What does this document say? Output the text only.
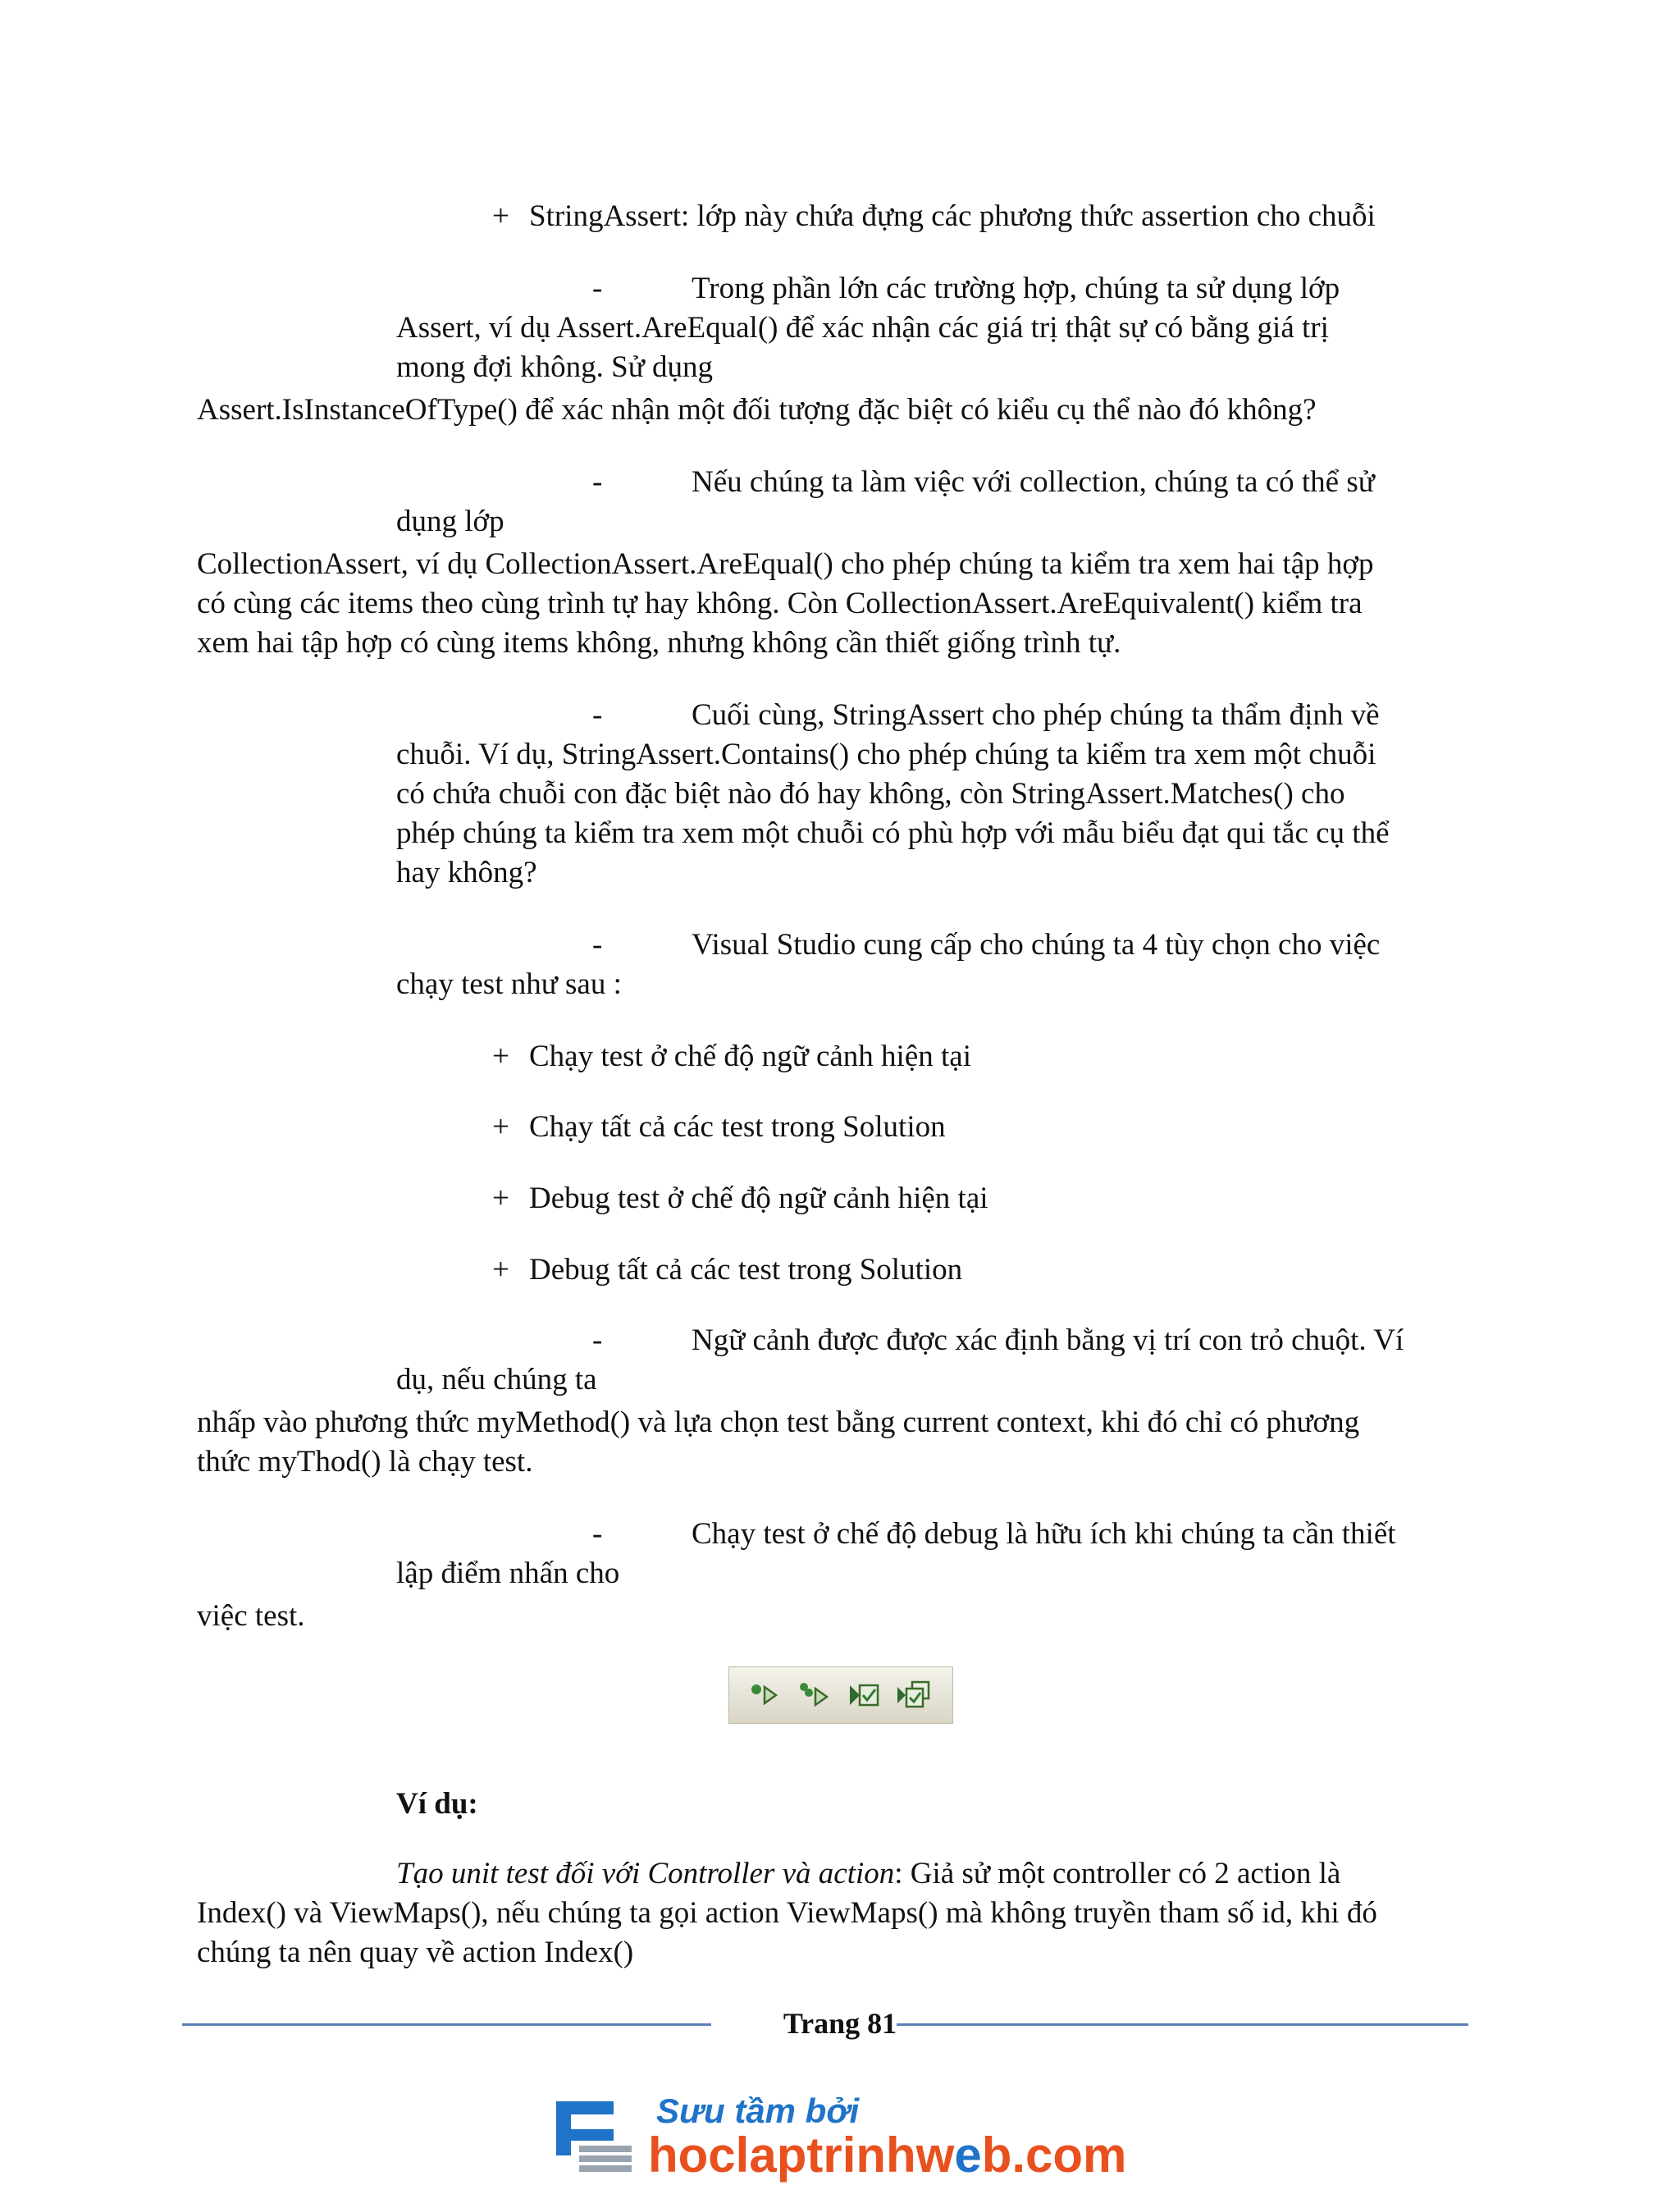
+ StringAssert: lớp này chứa đựng các phương thức assertion cho chuỗi
-	Trong phần lớn các trường hợp, chúng ta sử dụng lớp
Assert, ví dụ Assert.AreEqual() để xác nhận các giá trị thật sự có bằng giá trị
mong đợi không. Sử dụng
Assert.IsInstanceOfType() để xác nhận một đối tượng đặc biệt có kiểu cụ thể nào đó không?
-	Nếu chúng ta làm việc với collection, chúng ta có thể sử
dụng lớp
CollectionAssert, ví dụ CollectionAssert.AreEqual() cho phép chúng ta kiểm tra xem hai tập hợp
có cùng các items theo cùng trình tự hay không. Còn CollectionAssert.AreEquivalent() kiểm tra
xem hai tập hợp có cùng items không, nhưng không cần thiết giống trình tự.
-	Cuối cùng, StringAssert cho phép chúng ta thẩm định về
chuỗi. Ví dụ, StringAssert.Contains() cho phép chúng ta kiểm tra xem một chuỗi
có chứa chuỗi con đặc biệt nào đó hay không, còn StringAssert.Matches() cho
phép chúng ta kiểm tra xem một chuỗi có phù hợp với mẫu biểu đạt qui tắc cụ thể
hay không?
-	Visual Studio cung cấp cho chúng ta 4 tùy chọn cho việc
chạy test như sau :
+ Chạy test ở chế độ ngữ cảnh hiện tại
+ Chạy tất cả các test trong Solution
+ Debug test ở chế độ ngữ cảnh hiện tại
+ Debug tất cả các test trong Solution
-	Ngữ cảnh được được xác định bằng vị trí con trỏ chuột. Ví
dụ, nếu chúng ta
nhấp vào phương thức myMethod() và lựa chọn test bằng current context, khi đó chỉ có phương
thức myThod() là chạy test.
-	Chạy test ở chế độ debug là hữu ích khi chúng ta cần thiết
lập điểm nhấn cho
việc test.
Ví dụ:
Tạo unit test đối với Controller và action: Giả sử một controller có 2 action là
Index() và ViewMaps(), nếu chúng ta gọi action ViewMaps() mà không truyền tham số id, khi đó
chúng ta nên quay về action Index()
Trang 81
Sưu tầm bởi
hoclaptrinhweb.com
